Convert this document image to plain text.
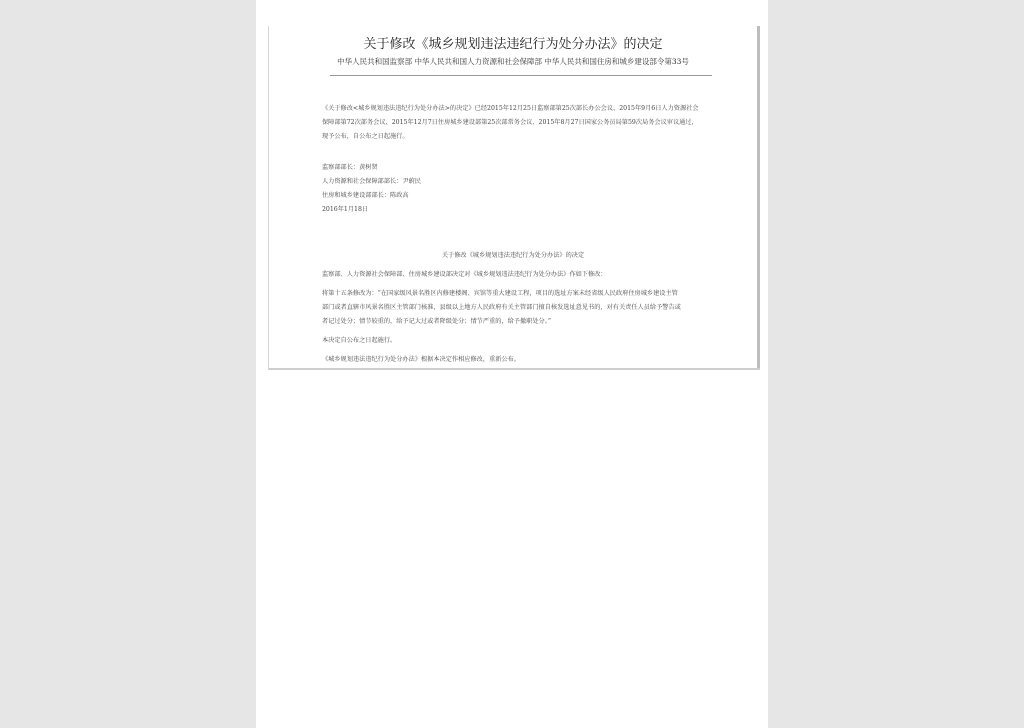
关于修改《城乡规划违法违纪行为处分办法》的决定
中华人民共和国监察部 中华人民共和国人力资源和社会保障部 中华人民共和国住房和城乡建设部令第33号
《关于修改<城乡规划违法违纪行为处分办法>的决定》已经2015年12月25日监察部第25次部长办公会议、2015年9月6日人力资源社会
保障部第72次部务会议、2015年12月7日住房城乡建设部第25次部常务会议、2015年8月27日国家公务员局第59次局务会议审议通过，
现予公布，自公布之日起施行。
监察部部长：黄树贤
人力资源和社会保障部部长：尹蔚民
住房和城乡建设部部长：陈政高
2016年1月18日
关于修改《城乡规划违法违纪行为处分办法》的决定
监察部、人力资源社会保障部、住房城乡建设部决定对《城乡规划违法违纪行为处分办法》作如下修改：
将第十五条修改为：“在国家级风景名胜区内修建楼阁、宾馆等重大建设工程，项目的选址方案未经省级人民政府住房城乡建设主管
部门或者直辖市风景名胜区主管部门核准，县级以上地方人民政府有关主管部门擅自核发选址意见书的，对有关责任人员给予警告或
者记过处分；情节较重的，给予记大过或者降级处分；情节严重的，给予撤职处分。”
本决定自公布之日起施行。
《城乡规划违法违纪行为处分办法》根据本决定作相应修改，重新公布。
